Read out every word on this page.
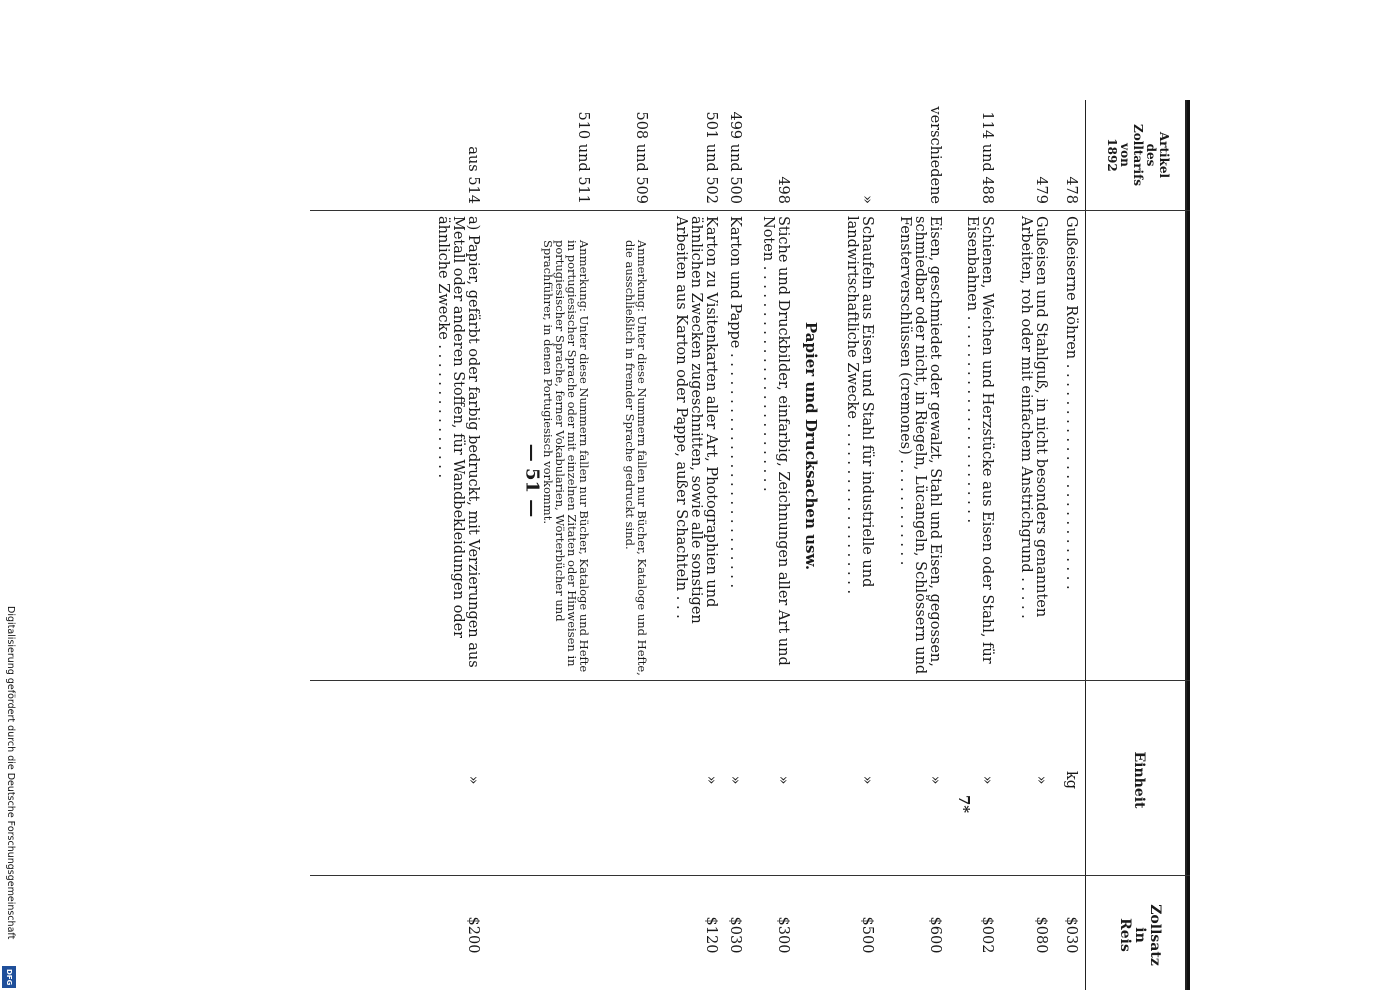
Artikel
des
Zolltarifs
von
1892
Einheit
Zollsatz
in
Reis
478
Gußeiserne Röhren . . . . . . . . . . . . . . . . . . . . . . . . .
kg
$030
479
Gußeisen und Stahlguß, in nicht besonders genannten Arbeiten, roh oder mit einfachem Anstrichgrund . . . . .
»
$080
114 und 488
Schienen, Weichen und Herzstücke aus Eisen oder Stahl, für Eisenbahnen . . . . . . . . . . . . . . . . . . . . . . .
»
$002
verschiedene
Eisen, geschmiedet oder gewalzt, Stahl und Eisen, gegossen, schmiedbar oder nicht, in Riegeln, Lücangeln, Schlössern und Fensterverschlüssen (cremones) . . . . . . . . . . . .
»
$600
»
Schaufeln aus Eisen und Stahl für industrielle und landwirtschaftliche Zwecke . . . . . . . . . . . . . . . . . . .
»
$500
Papier und Drucksachen usw.
498
Stiche und Druckbilder, einfarbig, Zeichnungen aller Art und Noten . . . . . . . . . . . . . . . . . . . . . . . . .
»
$300
499 und 500
Karton und Pappe . . . . . . . . . . . . . . . . . . . . . . . . . .
»
$030
501 und 502
Karton zu Visitenkarten aller Art, Photographien und ähnlichen Zwecken zugeschnitten, sowie alle sonstigen Arbeiten aus Karton oder Pappe, außer Schachteln . . .
»
$120
508 und 509
Anmerkung: Unter diese Nummern fallen nur Bücher, Kataloge und Hefte, die ausschließlich in fremder Sprache gedruckt sind.
510 und 511
Anmerkung: Unter diese Nummern fallen nur Bücher, Kataloge und Hefte in portugiesischer Sprache oder mit einzelnen Zitaten oder Hinweisen in portugiesischer Sprache, ferner Vokabularien, Wörterbücher und Sprachführer, in denen Portugiesisch vorkommt.
aus 514
a) Papier, gefärbt oder farbig bedruckt, mit Verzierungen aus Metall oder anderen Stoffen, für Wandbekleidungen oder ähnliche Zwecke . . . . . . . . . . . . . . .
»
$200
— 51 —
7*
Digitalisierung gefördert durch die Deutsche Forschungsgemeinschaft
DFG
